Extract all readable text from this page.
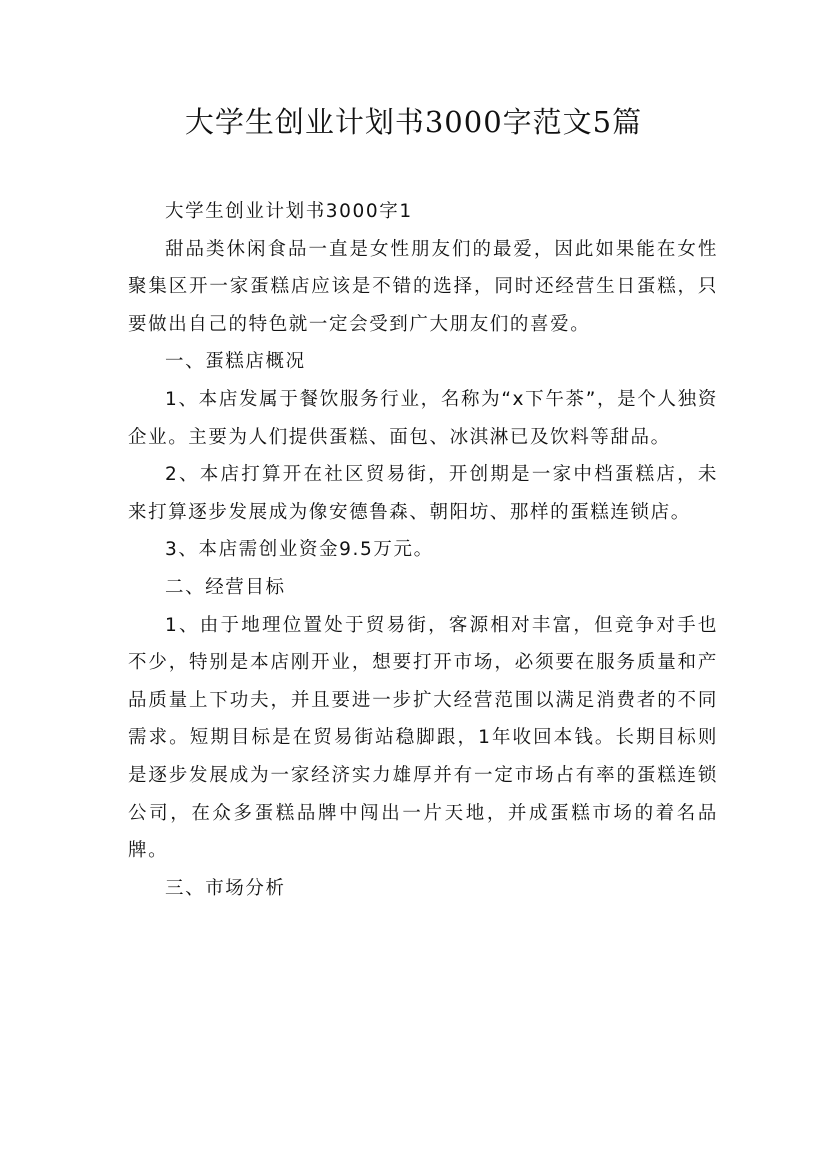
大学生创业计划书3000字范文5篇

大学生创业计划书3000字1

甜品类休闲食品一直是女性朋友们的最爱，因此如果能在女性聚集区开一家蛋糕店应该是不错的选择，同时还经营生日蛋糕，只要做出自己的特色就一定会受到广大朋友们的喜爱。

一、蛋糕店概况

1、本店发属于餐饮服务行业，名称为“x下午茶”，是个人独资企业。主要为人们提供蛋糕、面包、冰淇淋已及饮料等甜品。

2、本店打算开在社区贸易街，开创期是一家中档蛋糕店，未来打算逐步发展成为像安德鲁森、朝阳坊、那样的蛋糕连锁店。

3、本店需创业资金9.5万元。

二、经营目标

1、由于地理位置处于贸易街，客源相对丰富，但竞争对手也不少，特别是本店刚开业，想要打开市场，必须要在服务质量和产品质量上下功夫，并且要进一步扩大经营范围以满足消费者的不同需求。短期目标是在贸易街站稳脚跟，1年收回本钱。长期目标则是逐步发展成为一家经济实力雄厚并有一定市场占有率的蛋糕连锁公司，在众多蛋糕品牌中闯出一片天地，并成蛋糕市场的着名品牌。

三、市场分析
